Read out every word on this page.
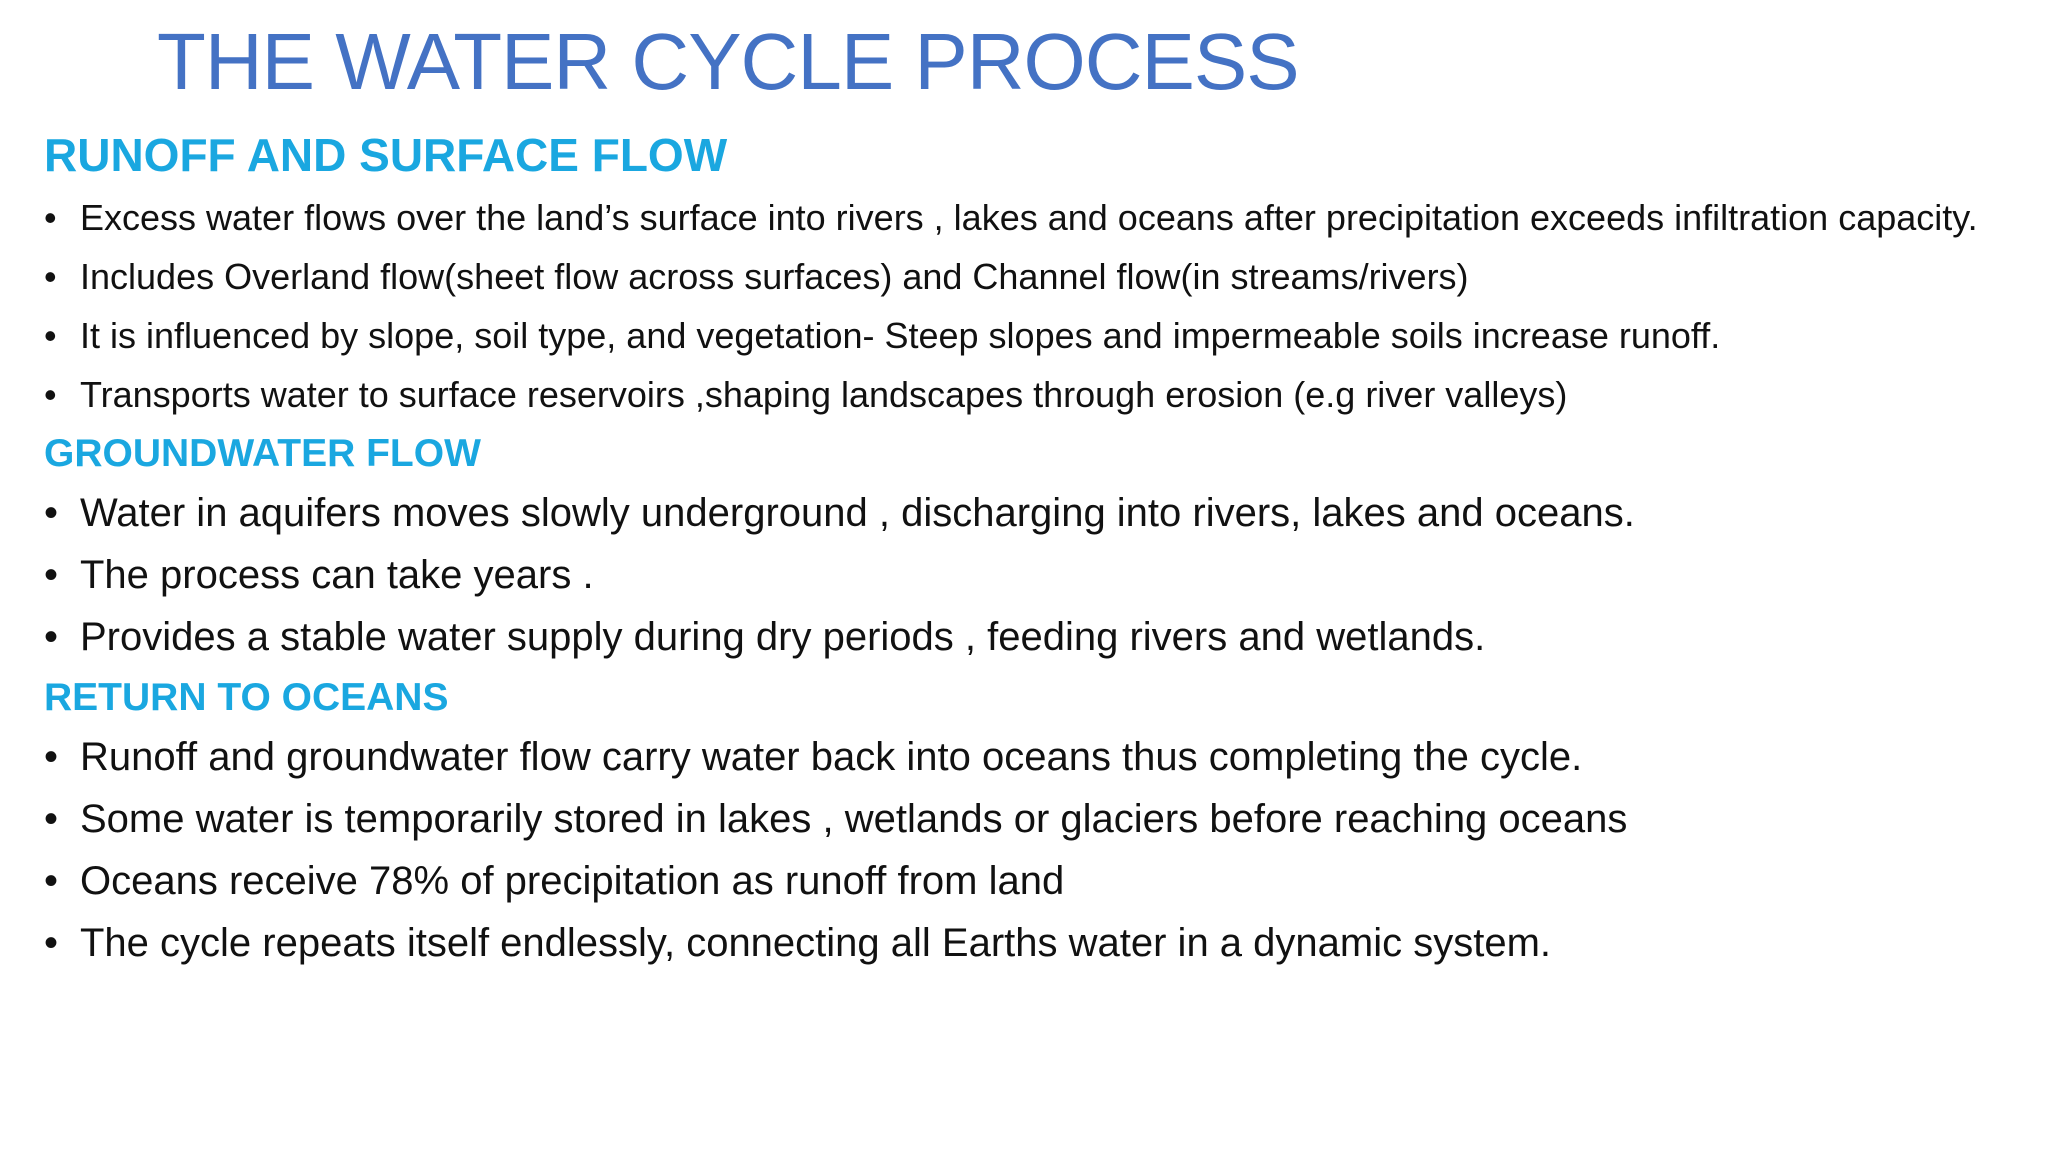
THE WATER CYCLE PROCESS
RUNOFF AND SURFACE FLOW
• Excess water flows over the land’s surface into rivers , lakes and oceans after precipitation exceeds infiltration capacity.
• Includes Overland flow(sheet flow across surfaces) and Channel flow(in streams/rivers)
• It is influenced by slope, soil type, and vegetation- Steep slopes and impermeable soils increase runoff.
• Transports water to surface reservoirs ,shaping landscapes through erosion (e.g river valleys)
GROUNDWATER FLOW
• Water in aquifers moves slowly underground , discharging into rivers, lakes and oceans.
• The process can take years .
• Provides a stable water supply during dry periods , feeding rivers and wetlands.
RETURN TO OCEANS
• Runoff and groundwater flow carry water back into oceans thus completing the cycle.
• Some water is temporarily stored in lakes , wetlands or glaciers before reaching oceans
• Oceans receive 78% of precipitation as runoff from land
• The cycle repeats itself endlessly, connecting all Earths water in a dynamic system.
